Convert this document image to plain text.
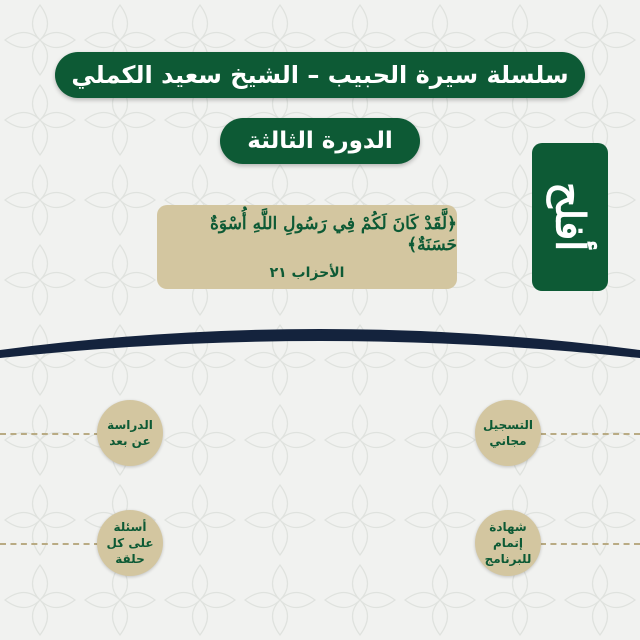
سلسلة سيرة الحبيب – الشيخ سعيد الكملي
الدورة الثالثة
﴿لَّقَدْ كَانَ لَكُمْ فِي رَسُولِ اللَّهِ أُسْوَةٌ حَسَنَةٌ﴾
الأحزاب ٢١
أفلح
التسجيل
مجاني
الدراسة
عن بعد
شهادة
إتمام
للبرنامج
أسئلة
على كل
حلقة
